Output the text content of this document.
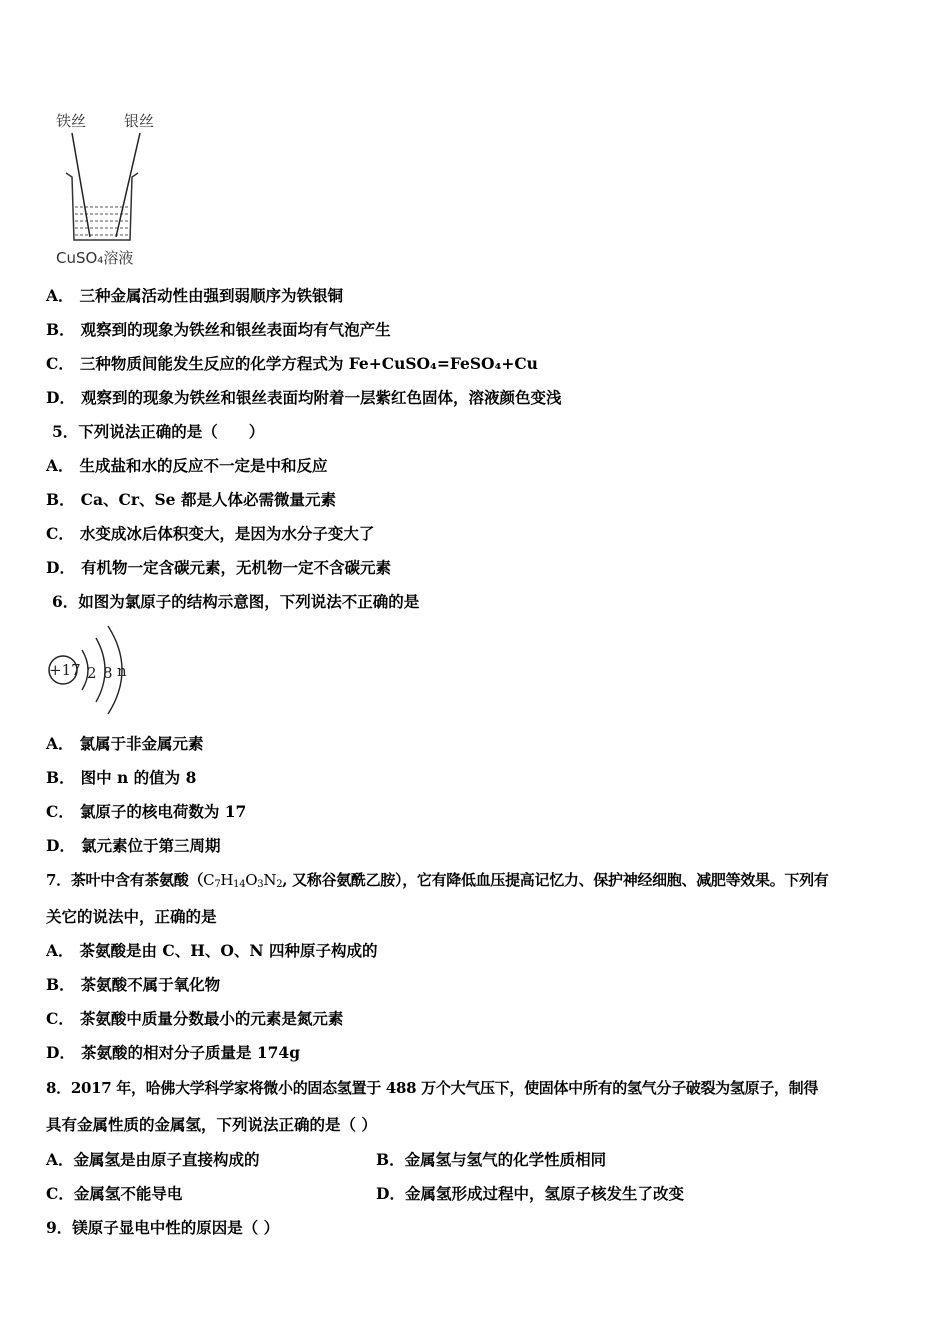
铁丝	银丝
CuSO₄溶液
A． 三种金属活动性由强到弱顺序为铁银铜
B． 观察到的现象为铁丝和银丝表面均有气泡产生
C． 三种物质间能发生反应的化学方程式为 Fe+CuSO₄=FeSO₄+Cu
D． 观察到的现象为铁丝和银丝表面均附着一层紫红色固体，溶液颜色变浅
5．下列说法正确的是（　　）
A． 生成盐和水的反应不一定是中和反应
B． Ca、Cr、Se 都是人体必需微量元素
C． 水变成冰后体积变大，是因为水分子变大了
D． 有机物一定含碳元素，无机物一定不含碳元素
6．如图为氯原子的结构示意图，下列说法不正确的是
+17 2 8 n
A． 氯属于非金属元素
B． 图中 n 的值为 8
C． 氯原子的核电荷数为 17
D． 氯元素位于第三周期
7．茶叶中含有茶氨酸（$C_7H_{14}O_3N_2$, 又称谷氨酰乙胺），它有降低血压提高记忆力、保护神经细胞、减肥等效果。下列有
关它的说法中，正确的是
A． 茶氨酸是由 C、H、O、N 四种原子构成的
B． 茶氨酸不属于氧化物
C． 茶氨酸中质量分数最小的元素是氮元素
D． 茶氨酸的相对分子质量是 174g
8．2017 年，哈佛大学科学家将微小的固态氢置于 488 万个大气压下，使固体中所有的氢气分子破裂为氢原子，制得
具有金属性质的金属氢，下列说法正确的是（ ）
A．金属氢是由原子直接构成的	B．金属氢与氢气的化学性质相同
C．金属氢不能导电	D．金属氢形成过程中，氢原子核发生了改变
9．镁原子显电中性的原因是（ ）
